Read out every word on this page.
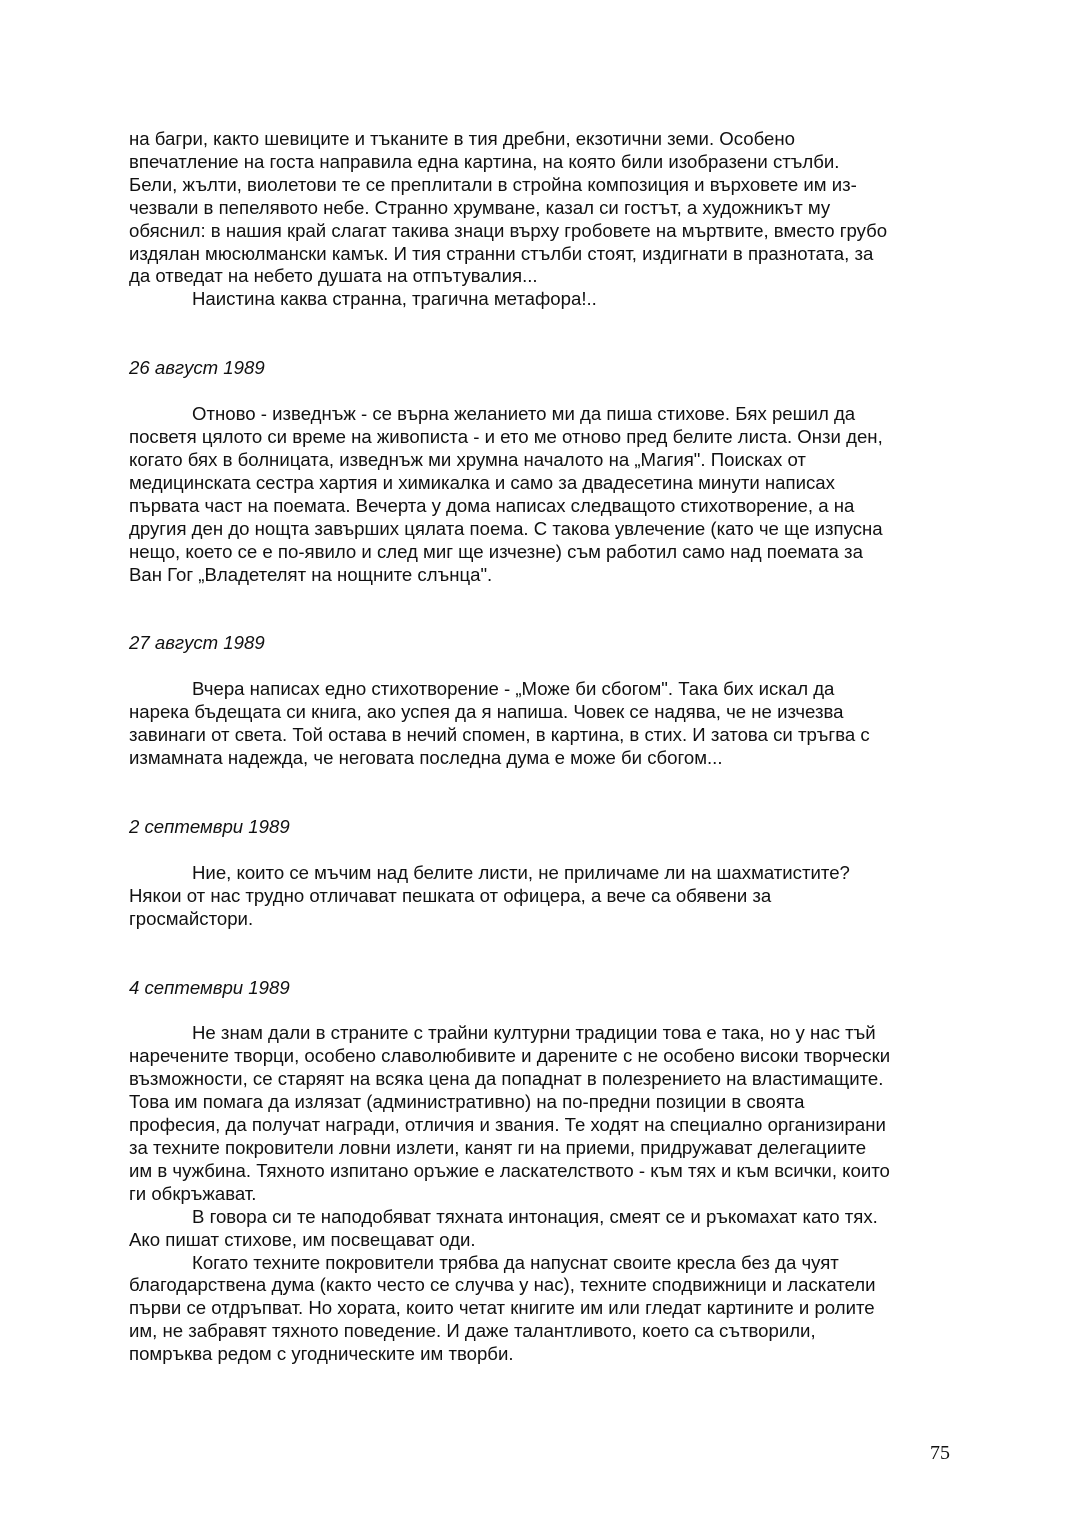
на багри, както шевиците и тъканите в тия дребни, екзотични земи. Особено

впечатление на госта направила една картина, на която били изобразени стълби.

Бели, жълти, виолетови те се преплитали в стройна композиция и върховете им из-

чезвали в пепелявото небе. Странно хрумване, казал си гостът, а художникът му

обяснил: в нашия край слагат такива знаци върху гробовете на мъртвите, вместо грубо

издялан мюсюлмански камък. И тия странни стълби стоят, издигнати в празнотата, за

да отведат на небето душата на отпътувалия...

Наистина каква странна, трагична метафора!..

26 август 1989

Отново - изведнъж - се върна желанието ми да пиша стихове. Бях решил да

посветя цялото си време на живописта - и ето ме отново пред белите листа. Онзи ден,

когато бях в болницата, изведнъж ми хрумна началото на „Магия". Поисках от

медицинската сестра хартия и химикалка и само за двадесетина минути написах

първата част на поемата. Вечерта у дома написах следващото стихотворение, а на

другия ден до нощта завърших цялата поема. С такова увлечение (като че ще изпусна

нещо, което се е по-явило и след миг ще изчезне) съм работил само над поемата за

Ван Гог „Владетелят на нощните слънца".

27 август 1989

Вчера написах едно стихотворение - „Може би сбогом". Така бих искал да

нарека бъдещата си книга, ако успея да я напиша. Човек се надява, че не изчезва

завинаги от света. Той остава в нечий спомен, в картина, в стих. И затова си тръгва с

измамната надежда, че неговата последна дума е може би сбогом...

2 септември 1989

Ние, които се мъчим над белите листи, не приличаме ли на шахматистите?

Някои от нас трудно отличават пешката от офицера, а вече са обявени за

гросмайстори.

4 септември 1989

Не знам дали в страните с трайни културни традиции това е така, но у нас тъй

наречените творци, особено славолюбивите и дарените с не особено високи творчески

възможности, се старяят на всяка цена да попаднат в полезрението на властимащите.

Това им помага да излязат (административно) на по-предни позиции в своята

професия, да получат награди, отличия и звания. Те ходят на специално организирани

за техните покровители ловни излети, канят ги на приеми, придружават делегациите

им в чужбина. Тяхното изпитано оръжие е ласкателството - към тях и към всички, които

ги обкръжават.

В говора си те наподобяват тяхната интонация, смеят се и ръкомахат като тях.

Ако пишат стихове, им посвещават оди.

Когато техните покровители трябва да напуснат своите кресла без да чуят

благодарствена дума (както често се случва у нас), техните сподвижници и ласкатели

първи се отдръпват. Но хората, които четат книгите им или гледат картините и ролите

им, не забравят тяхното поведение. И даже талантливото, което са сътворили,

помръква редом с угодническите им творби.

75
